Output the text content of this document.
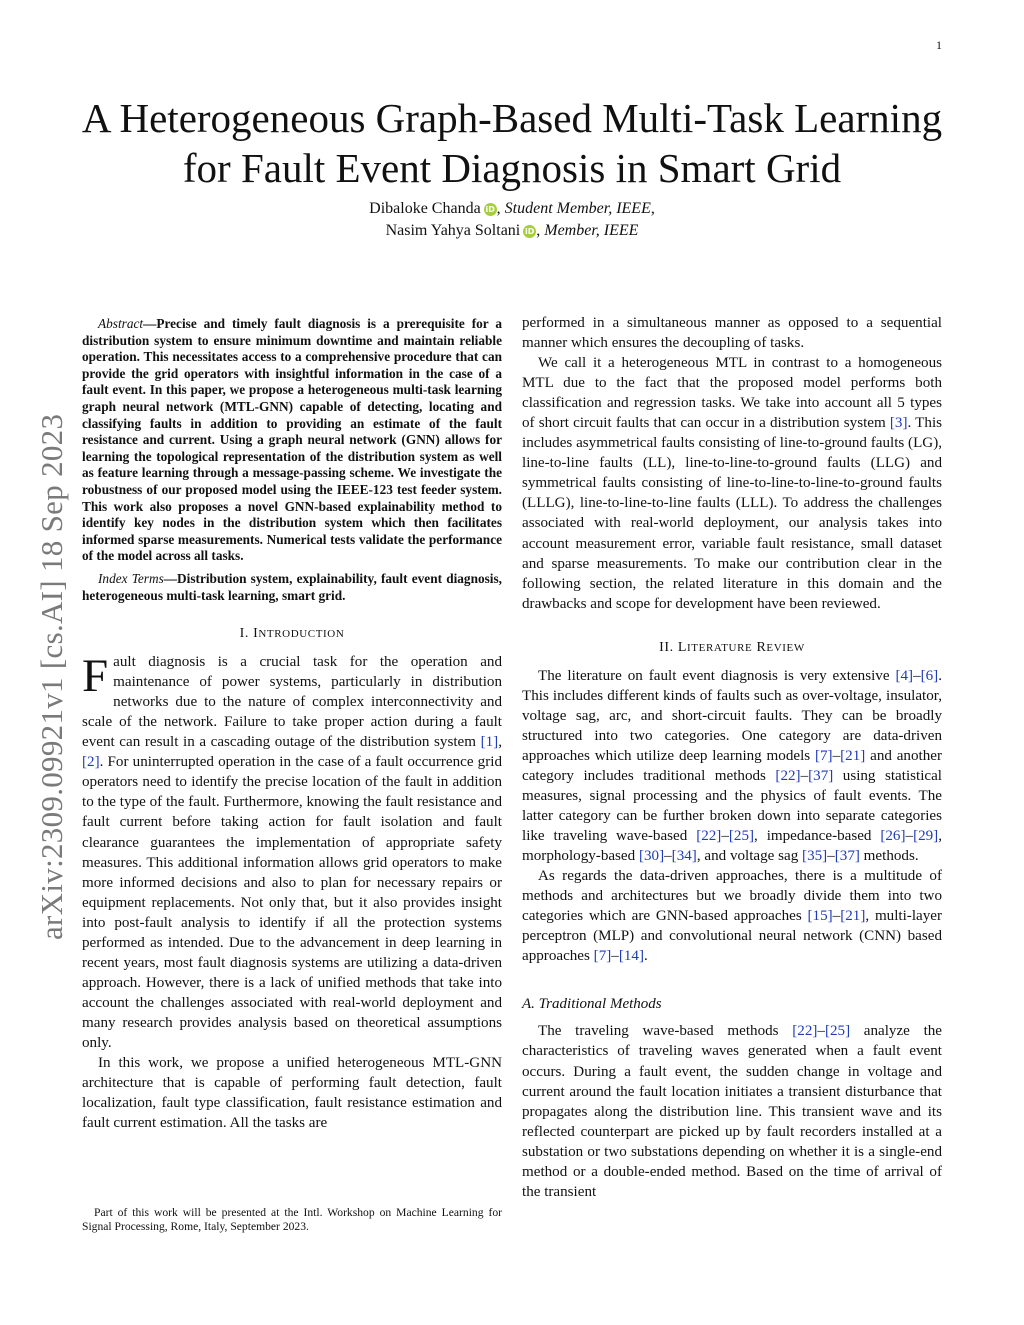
1
arXiv:2309.09921v1 [cs.AI] 18 Sep 2023
A Heterogeneous Graph-Based Multi-Task Learning
for Fault Event Diagnosis in Smart Grid
Dibaloke Chanda iD , Student Member, IEEE,
Nasim Yahya Soltani iD , Member, IEEE

Abstract—Precise and timely fault diagnosis is a prerequisite for a distribution system to ensure minimum downtime and maintain reliable operation. This necessitates access to a comprehensive procedure that can provide the grid operators with insightful information in the case of a fault event. In this paper, we propose a heterogeneous multi-task learning graph neural network (MTL-GNN) capable of detecting, locating and classifying faults in addition to providing an estimate of the fault resistance and current. Using a graph neural network (GNN) allows for learning the topological representation of the distribution system as well as feature learning through a message-passing scheme. We investigate the robustness of our proposed model using the IEEE-123 test feeder system. This work also proposes a novel GNN-based explainability method to identify key nodes in the distribution system which then facilitates informed sparse measurements. Numerical tests validate the performance of the model across all tasks.

Index Terms—Distribution system, explainability, fault event diagnosis, heterogeneous multi-task learning, smart grid.

I. INTRODUCTION

Fault diagnosis is a crucial task for the operation and maintenance of power systems, particularly in distribution networks due to the nature of complex interconnectivity and scale of the network. Failure to take proper action during a fault event can result in a cascading outage of the distribution system [1], [2]. For uninterrupted operation in the case of a fault occurrence grid operators need to identify the precise location of the fault in addition to the type of the fault. Furthermore, knowing the fault resistance and fault current before taking action for fault isolation and fault clearance guarantees the implementation of appropriate safety measures. This additional information allows grid operators to make more informed decisions and also to plan for necessary repairs or equipment replacements. Not only that, but it also provides insight into post-fault analysis to identify if all the protection systems performed as intended. Due to the advancement in deep learning in recent years, most fault diagnosis systems are utilizing a data-driven approach. However, there is a lack of unified methods that take into account the challenges associated with real-world deployment and many research provides analysis based on theoretical assumptions only.

In this work, we propose a unified heterogeneous MTL-GNN architecture that is capable of performing fault detection, fault localization, fault type classification, fault resistance estimation and fault current estimation. All the tasks are

Part of this work will be presented at the Intl. Workshop on Machine Learning for Signal Processing, Rome, Italy, September 2023.

performed in a simultaneous manner as opposed to a sequential manner which ensures the decoupling of tasks.

We call it a heterogeneous MTL in contrast to a homogeneous MTL due to the fact that the proposed model performs both classification and regression tasks. We take into account all 5 types of short circuit faults that can occur in a distribution system [3]. This includes asymmetrical faults consisting of line-to-ground faults (LG), line-to-line faults (LL), line-to-line-to-ground faults (LLG) and symmetrical faults consisting of line-to-line-to-line-to-ground faults (LLLG), line-to-line-to-line faults (LLL). To address the challenges associated with real-world deployment, our analysis takes into account measurement error, variable fault resistance, small dataset and sparse measurements. To make our contribution clear in the following section, the related literature in this domain and the drawbacks and scope for development have been reviewed.

II. LITERATURE REVIEW

The literature on fault event diagnosis is very extensive [4]–[6]. This includes different kinds of faults such as over-voltage, insulator, voltage sag, arc, and short-circuit faults. They can be broadly structured into two categories. One category are data-driven approaches which utilize deep learning models [7]–[21] and another category includes traditional methods [22]–[37] using statistical measures, signal processing and the physics of fault events. The latter category can be further broken down into separate categories like traveling wave-based [22]–[25], impedance-based [26]–[29], morphology-based [30]–[34], and voltage sag [35]–[37] methods.

As regards the data-driven approaches, there is a multitude of methods and architectures but we broadly divide them into two categories which are GNN-based approaches [15]–[21], multi-layer perceptron (MLP) and convolutional neural network (CNN) based approaches [7]–[14].

A. Traditional Methods

The traveling wave-based methods [22]–[25] analyze the characteristics of traveling waves generated when a fault event occurs. During a fault event, the sudden change in voltage and current around the fault location initiates a transient disturbance that propagates along the distribution line. This transient wave and its reflected counterpart are picked up by fault recorders installed at a substation or two substations depending on whether it is a single-end method or a double-ended method. Based on the time of arrival of the transient
